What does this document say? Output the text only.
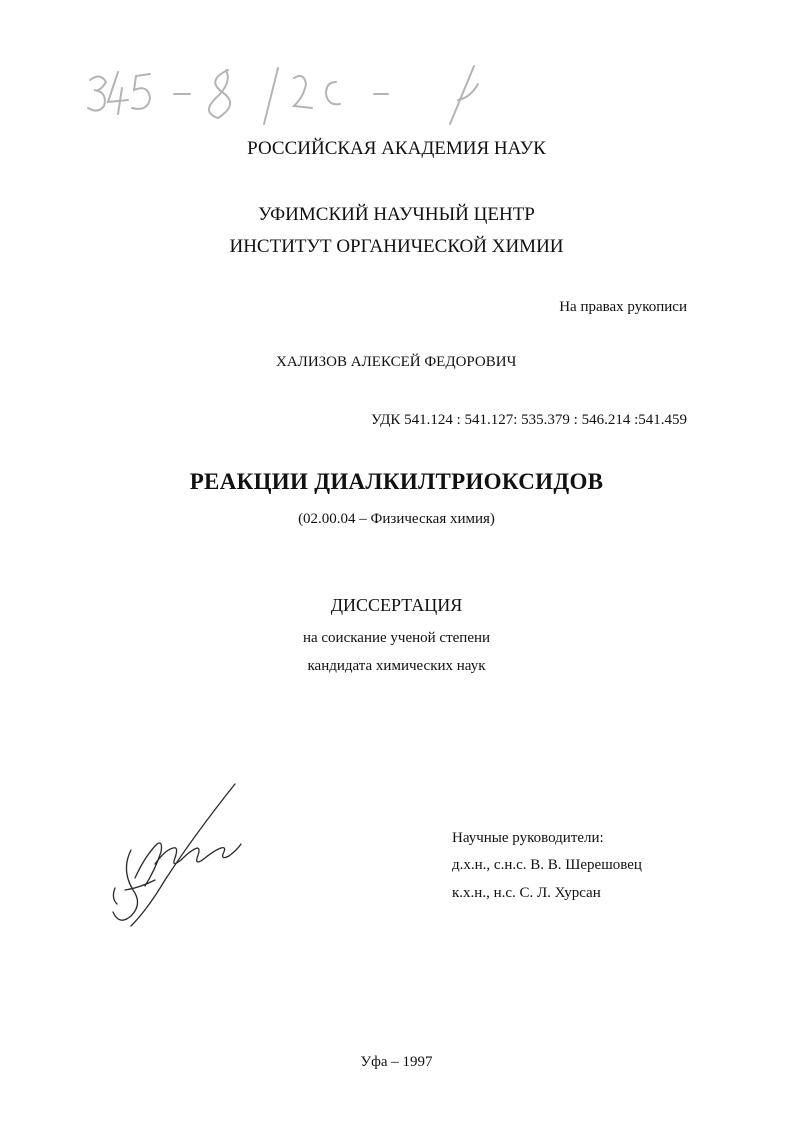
РОССИЙСКАЯ АКАДЕМИЯ НАУК
УФИМСКИЙ НАУЧНЫЙ ЦЕНТР
ИНСТИТУТ ОРГАНИЧЕСКОЙ ХИМИИ
На правах рукописи
ХАЛИЗОВ АЛЕКСЕЙ ФЕДОРОВИЧ
УДК 541.124 : 541.127: 535.379 : 546.214 :541.459
РЕАКЦИИ ДИАЛКИЛТРИОКСИДОВ
(02.00.04 – Физическая химия)
ДИССЕРТАЦИЯ
на соискание ученой степени
кандидата химических наук
Научные руководители:
д.х.н., с.н.с. В. В. Шерешовец
к.х.н., н.с. С. Л. Хурсан
Уфа – 1997
